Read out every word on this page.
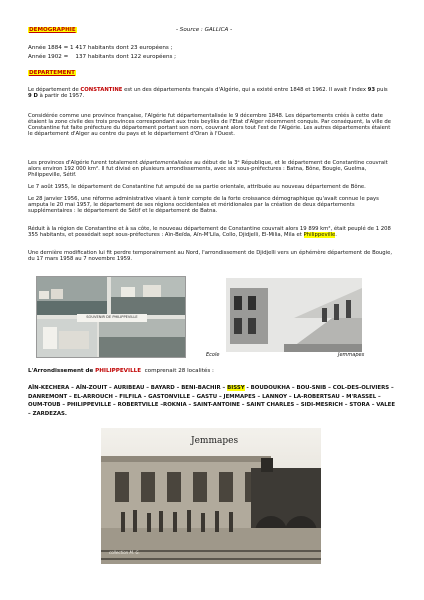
DEMOGRAPHIE	- Source : GALLICA -
Année 1884 = 1 417 habitants dont 23 européens ;
Année 1902 =    137 habitants dont 122 européens ;
DEPARTEMENT
Le département de CONSTANTINE est un des départements français d'Algérie, qui a existé entre 1848 et 1962. Il avait l'index 93 puis 9 D à partir de 1957.
Considérée comme une province française, l'Algérie fut départementalisée le 9 décembre 1848. Les départements créés à cette date étaient la zone civile des trois provinces correspondant aux trois beyliks de l'Etat d'Alger récemment conquis. Par conséquent, la ville de Constantine fut faite préfecture du département portant son nom, couvrant alors tout l'est de l'Algérie. Les autres départements étaient le département d'Alger au centre du pays et le département d'Oran à l'Ouest.
Les provinces d'Algérie furent totalement départementalisées au début de la 3ᵉ République, et le département de Constantine couvrait alors environ 192 000 km². Il fut divisé en plusieurs arrondissements, avec six sous-préfectures : Batna, Bône, Bougie, Guelma, Philippeville, Sétif.
Le 7 août 1955, le département de Constantine fut amputé de sa partie orientale, attribuée au nouveau département de Bône.
Le 28 janvier 1956, une réforme administrative visant à tenir compte de la forte croissance démographique qu'avait connue le pays amputa le 20 mai 1957, le département de ses régions occidentales et méridionales par la création de deux départements supplémentaires : le département de Sétif et le département de Batna.
Réduit à la région de Constantine et à sa côte, le nouveau département de Constantine couvrait alors 19 899 km², était peuplé de 1 208 355 habitants, et possédait sept sous-préfectures : Aïn-Beïda, Aïn-M'Lila, Collo, Djidjelli, El-Milia, Mila et Philippeville.
Une dernière modification lui fit perdre temporairement au Nord, l'arrondissement de Djidjelli vers un éphémère département de Bougie, du 17 mars 1958 au 7 novembre 1959.
SOUVENIR DE PHILIPPEVILLE
Ecole	Jemmapes
L'Arrondissement de PHILIPPEVILLE comprenait 28 localités :
AÏN-KECHERA – AÏN-ZOUIT – AURIBEAU – BAYARD – BENI-BACHIR – BISSY - BOUDOUKHA – BOU-SNIB – COL-DES-OLIVIERS – DANREMONT – EL-ARROUCH – FILFILA – GASTONVILLE – GASTU – JEMMAPES – LANNOY – LA-ROBERTSAU – M'RASSEL – OUM-TOUB – PHILIPPEVILLE – ROBERTVILLE –ROKNIA – SAINT-ANTOINE – SAINT CHARLES – SIDI-MESRICH – STORA – VALEE – ZARDEZAS.
Jemmapes
collection M. G.
